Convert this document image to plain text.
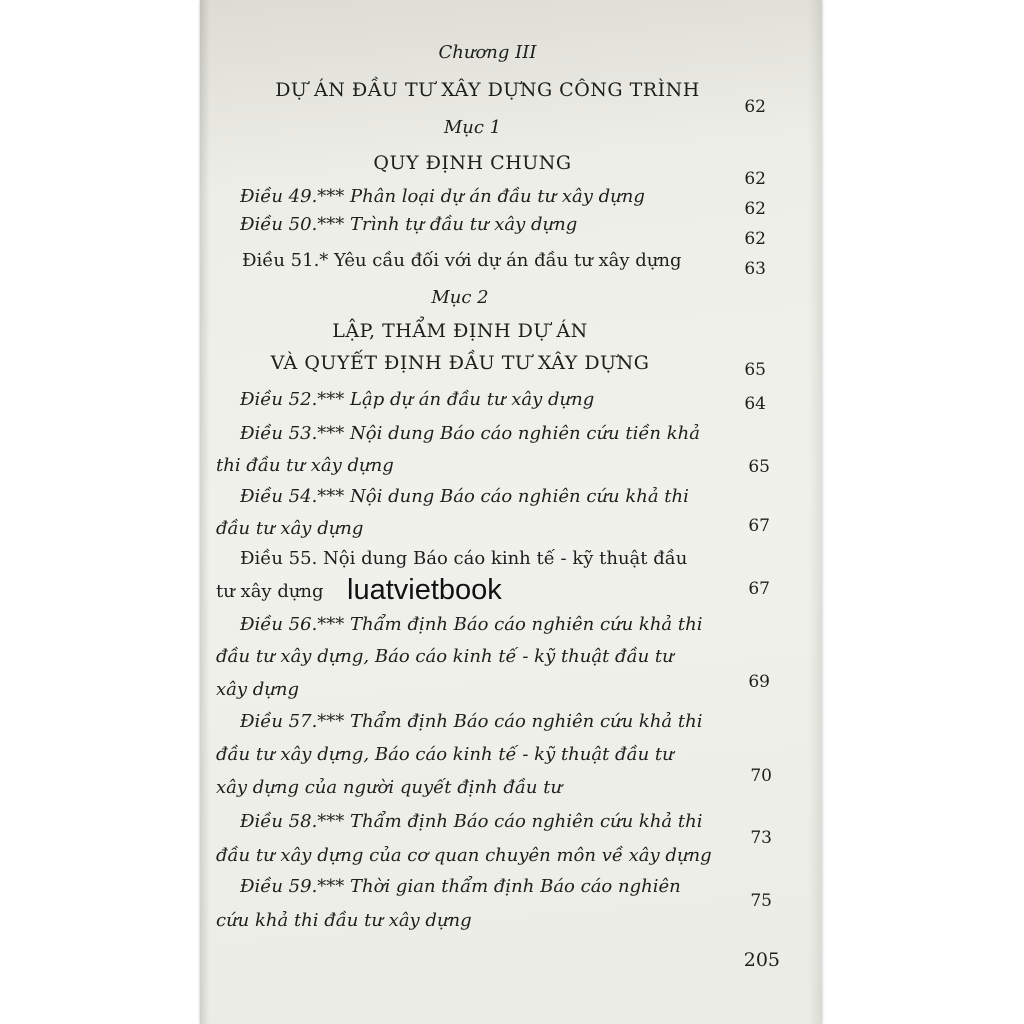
Chương III
DỰ ÁN ĐẦU TƯ XÂY DỰNG CÔNG TRÌNH
Mục 1
QUY ĐỊNH CHUNG
Điều 49.*** Phân loại dự án đầu tư xây dựng
Điều 50.*** Trình tự đầu tư xây dựng
Điều 51.* Yêu cầu đối với dự án đầu tư xây dựng
Mục 2
LẬP, THẨM ĐỊNH DỰ ÁN
VÀ QUYẾT ĐỊNH ĐẦU TƯ XÂY DỰNG
Điều 52.*** Lập dự án đầu tư xây dựng
Điều 53.*** Nội dung Báo cáo nghiên cứu tiền khả
thi đầu tư xây dựng
Điều 54.*** Nội dung Báo cáo nghiên cứu khả thi
đầu tư xây dựng
Điều 55. Nội dung Báo cáo kinh tế - kỹ thuật đầu
tư xây dựng
Điều 56.*** Thẩm định Báo cáo nghiên cứu khả thi
đầu tư xây dựng, Báo cáo kinh tế - kỹ thuật đầu tư
xây dựng
Điều 57.*** Thẩm định Báo cáo nghiên cứu khả thi
đầu tư xây dựng, Báo cáo kinh tế - kỹ thuật đầu tư
xây dựng của người quyết định đầu tư
Điều 58.*** Thẩm định Báo cáo nghiên cứu khả thi
đầu tư xây dựng của cơ quan chuyên môn về xây dựng
Điều 59.*** Thời gian thẩm định Báo cáo nghiên
cứu khả thi đầu tư xây dựng
62
62
62
62
63
65
64
65
67
67
69
70
73
75
205
luatvietbook
